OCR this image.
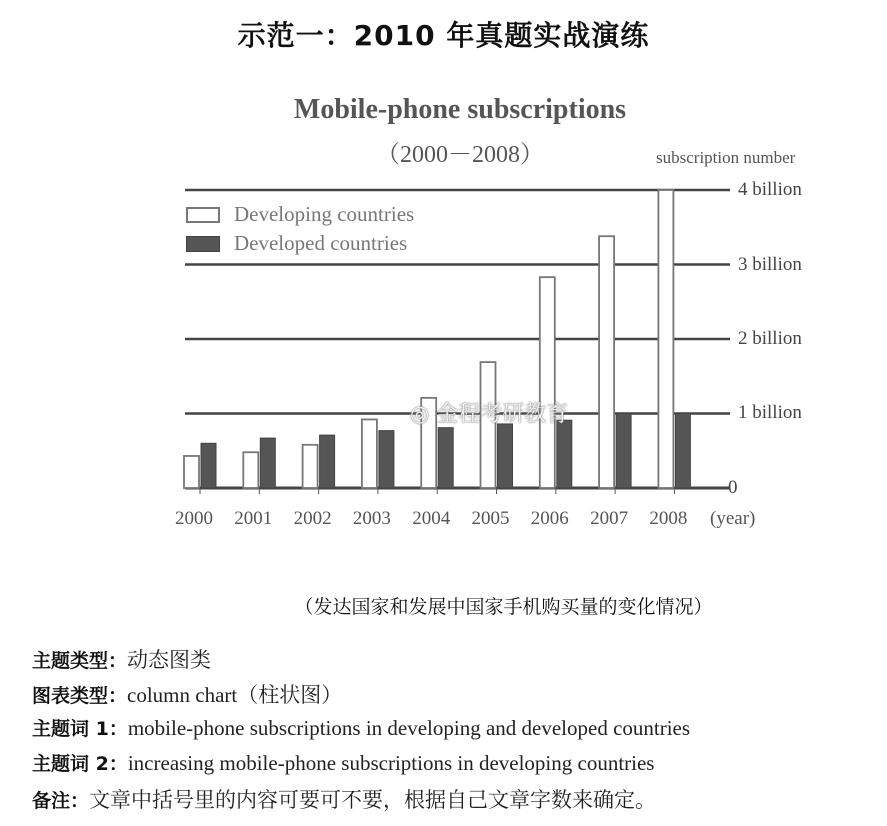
示范一：2010 年真题实战演练
Mobile-phone subscriptions
（2000－2008）	subscription number
Developing countries
Developed countries
4 billion
3 billion
2 billion
1 billion
0
2000 2001 2002 2003 2004 2005 2006 2007 2008 (year)
◎ 金程考研教育
（发达国家和发展中国家手机购买量的变化情况）
主题类型： 动态图类
图表类型： column chart（柱状图）
主题词 1： mobile-phone subscriptions in developing and developed countries
主题词 2： increasing mobile-phone subscriptions in developing countries
备注： 文章中括号里的内容可要可不要，根据自己文章字数来确定。
